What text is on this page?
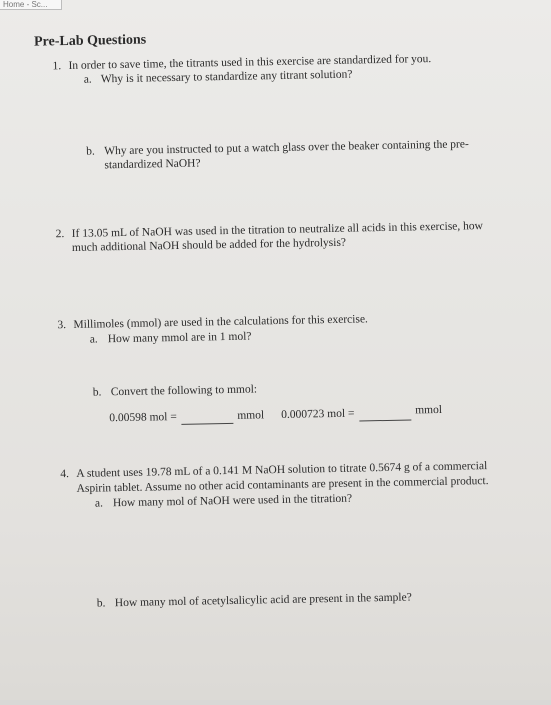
Home - Sc...
Pre-Lab Questions
1. In order to save time, the titrants used in this exercise are standardized for you.
a. Why is it necessary to standardize any titrant solution?
b. Why are you instructed to put a watch glass over the beaker containing the pre-
standardized NaOH?
2. If 13.05 mL of NaOH was used in the titration to neutralize all acids in this exercise, how
much additional NaOH should be added for the hydrolysis?
3. Millimoles (mmol) are used in the calculations for this exercise.
a. How many mmol are in 1 mol?
b. Convert the following to mmol:
0.00598 mol =	mmol 0.000723 mol =	mmol
4. A student uses 19.78 mL of a 0.141 M NaOH solution to titrate 0.5674 g of a commercial
Aspirin tablet. Assume no other acid contaminants are present in the commercial product.
a. How many mol of NaOH were used in the titration?
b. How many mol of acetylsalicylic acid are present in the sample?
